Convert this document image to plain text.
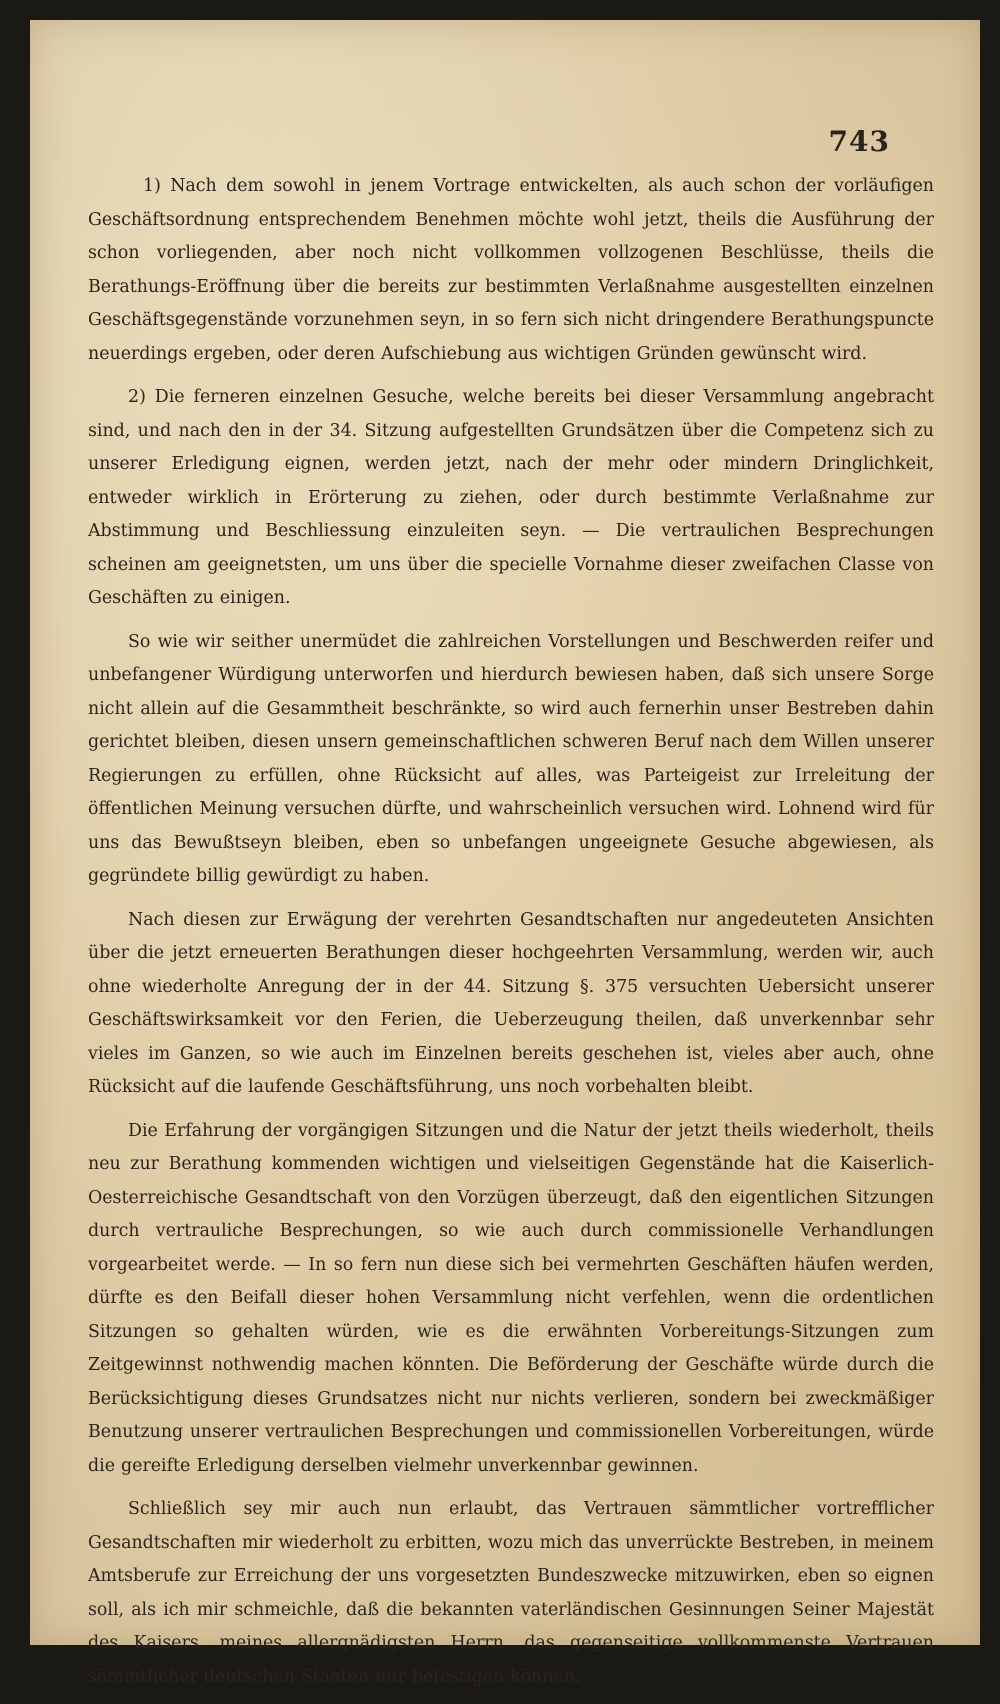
743

1) Nach dem sowohl in jenem Vortrage entwickelten, als auch schon der vorläufigen Geschäftsordnung entsprechendem Benehmen möchte wohl jetzt, theils die Ausführung der schon vorliegenden, aber noch nicht vollkommen vollzogenen Beschlüsse, theils die Berathungs-Eröffnung über die bereits zur bestimmten Verlaßnahme ausgestellten einzelnen Geschäftsgegenstände vorzunehmen seyn, in so fern sich nicht dringendere Berathungspuncte neuerdings ergeben, oder deren Aufschiebung aus wichtigen Gründen gewünscht wird.

2) Die ferneren einzelnen Gesuche, welche bereits bei dieser Versammlung angebracht sind, und nach den in der 34. Sitzung aufgestellten Grundsätzen über die Competenz sich zu unserer Erledigung eignen, werden jetzt, nach der mehr oder mindern Dringlichkeit, entweder wirklich in Erörterung zu ziehen, oder durch bestimmte Verlaßnahme zur Abstimmung und Beschliessung einzuleiten seyn. — Die vertraulichen Besprechungen scheinen am geeignetsten, um uns über die specielle Vornahme dieser zweifachen Classe von Geschäften zu einigen.

So wie wir seither unermüdet die zahlreichen Vorstellungen und Beschwerden reifer und unbefangener Würdigung unterworfen und hierdurch bewiesen haben, daß sich unsere Sorge nicht allein auf die Gesammtheit beschränkte, so wird auch fernerhin unser Bestreben dahin gerichtet bleiben, diesen unsern gemeinschaftlichen schweren Beruf nach dem Willen unserer Regierungen zu erfüllen, ohne Rücksicht auf alles, was Parteigeist zur Irreleitung der öffentlichen Meinung versuchen dürfte, und wahrscheinlich versuchen wird. Lohnend wird für uns das Bewußtseyn bleiben, eben so unbefangen ungeeignete Gesuche abgewiesen, als gegründete billig gewürdigt zu haben.

Nach diesen zur Erwägung der verehrten Gesandtschaften nur angedeuteten Ansichten über die jetzt erneuerten Berathungen dieser hochgeehrten Versammlung, werden wir, auch ohne wiederholte Anregung der in der 44. Sitzung §. 375 versuchten Uebersicht unserer Geschäftswirksamkeit vor den Ferien, die Ueberzeugung theilen, daß unverkennbar sehr vieles im Ganzen, so wie auch im Einzelnen bereits geschehen ist, vieles aber auch, ohne Rücksicht auf die laufende Geschäftsführung, uns noch vorbehalten bleibt.

Die Erfahrung der vorgängigen Sitzungen und die Natur der jetzt theils wiederholt, theils neu zur Berathung kommenden wichtigen und vielseitigen Gegenstände hat die Kaiserlich-Oesterreichische Gesandtschaft von den Vorzügen überzeugt, daß den eigentlichen Sitzungen durch vertrauliche Besprechungen, so wie auch durch commissionelle Verhandlungen vorgearbeitet werde. — In so fern nun diese sich bei vermehrten Geschäften häufen werden, dürfte es den Beifall dieser hohen Versammlung nicht verfehlen, wenn die ordentlichen Sitzungen so gehalten würden, wie es die erwähnten Vorbereitungs-Sitzungen zum Zeitgewinnst nothwendig machen könnten. Die Beförderung der Geschäfte würde durch die Berücksichtigung dieses Grundsatzes nicht nur nichts verlieren, sondern bei zweckmäßiger Benutzung unserer vertraulichen Besprechungen und commissionellen Vorbereitungen, würde die gereifte Erledigung derselben vielmehr unverkennbar gewinnen.

Schließlich sey mir auch nun erlaubt, das Vertrauen sämmtlicher vortrefflicher Gesandtschaften mir wiederholt zu erbitten, wozu mich das unverrückte Bestreben, in meinem Amtsberufe zur Erreichung der uns vorgesetzten Bundeszwecke mitzuwirken, eben so eignen soll, als ich mir schmeichle, daß die bekannten vaterländischen Gesinnungen Seiner Majestät des Kaisers, meines allergnädigsten Herrn, das gegenseitige vollkommenste Vertrauen sämmtlicher deutschen Staaten nur befestigen können.
